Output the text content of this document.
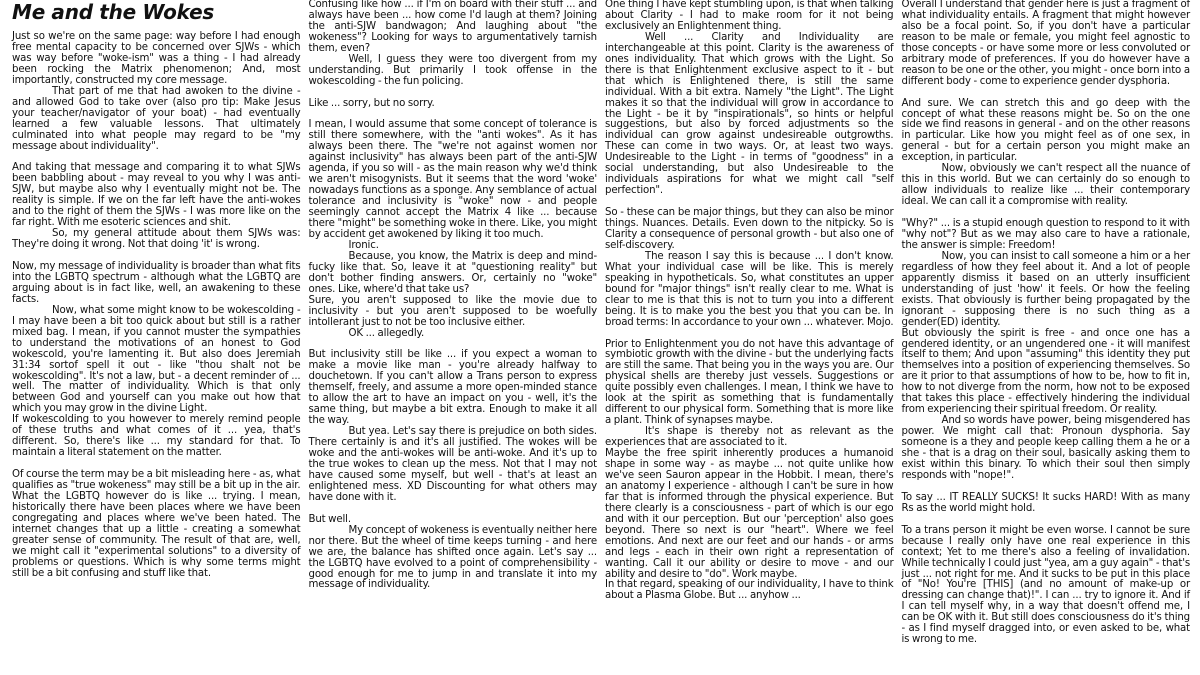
Me and the Wokes
Just so we're on the same page: way before I had enough free mental capacity to be concerned over SJWs - which was way before "woke-ism" was a thing - I had already been rocking the Matrix phenomenon; And, most importantly, constructed my core message.
That part of me that had awoken to the divine - and allowed God to take over (also pro tip: Make Jesus your teacher/navigator of your boat) - had eventually learned a few valuable lessons. That ultimately culminated into what people may regard to be "my message about individuality".
And taking that message and comparing it to what SJWs been babbling about - may reveal to you why I was anti-SJW, but maybe also why I eventually might not be. The reality is simple. If we on the far left have the anti-wokes and to the right of them the SJWs - I was more like on the far right. With me esoteric sciences and shit.
So, my general attitude about them SJWs was: They're doing it wrong. Not that doing 'it' is wrong.
Now, my message of individuality is broader than what fits into the LGBTQ spectrum - although what the LGBTQ are arguing about is in fact like, well, an awakening to these facts.
Now, what some might know to be wokescolding - I may have been a bit too quick about but still is a rather mixed bag. I mean, if you cannot muster the sympathies to understand the motivations of an honest to God wokescold, you're lamenting it. But also does Jeremiah 31:34 sortof spell it out - like "thou shalt not be wokescolding". It's not a law, but - a decent reminder of ... well. The matter of individuality. Which is that only between God and yourself can you make out how that which you may grow in the divine Light.
If wokescolding to you however to merely remind people of these truths and what comes of it ... yea, that's different. So, there's like ... my standard for that. To maintain a literal statement on the matter.
Of course the term may be a bit misleading here - as, what qualifies as "true wokeness" may still be a bit up in the air. What the LGBTQ however do is like ... trying. I mean, historically there have been places where we have been congregating and places where we've been hated. The internet changes that up a little - creating a somewhat greater sense of community. The result of that are, well, we might call it "experimental solutions" to a diversity of problems or questions. Which is why some terms might still be a bit confusing and stuff like that.
Confusing like how ... if I'm on board with their stuff ... and always have been ... how come I'd laugh at them? Joining the anti-SJW bandwagon; And laughing about "the wokeness"? Looking for ways to argumentatively tarnish them, even?
Well, I guess they were too divergent from my understanding. But primarily I took offense in the wokescolding - the fun policing.
Like ... sorry, but no sorry.
I mean, I would assume that some concept of tolerance is still there somewhere, with the "anti wokes". As it has always been there. The "we're not against women nor against inclusivity" has always been part of the anti-SJW agenda, if you so will - as the main reason why we'd think we aren't misogynists. But it seems that the word 'woke' nowadays functions as a sponge. Any semblance of actual tolerance and inclusivity is "woke" now - and people seemingly cannot accept the Matrix 4 like ... because there "might" be something woke in there. Like, you might by accident get awokened by liking it too much.
Ironic.
Because, you know, the Matrix is deep and mind-fucky like that. So, leave it at "questioning reality" but don't bother finding answers. Or, certainly no "woke" ones. Like, where'd that take us?
Sure, you aren't supposed to like the movie due to inclusivity - but you aren't supposed to be woefully intollerant just to not be too inclusive either.
OK ... allegedly.
But inclusivity still be like ... if you expect a woman to make a movie like man - you're already halfway to douchetown. If you can't allow a Trans person to express themself, freely, and assume a more open-minded stance to allow the art to have an impact on you - well, it's the same thing, but maybe a bit extra. Enough to make it all the way.
But yea. Let's say there is prejudice on both sides. There certainly is and it's all justified. The wokes will be woke and the anti-wokes will be anti-woke. And it's up to the true wokes to clean up the mess. Not that I may not have caused some myself, but well - that's at least an enlightened mess. XD Discounting for what others may have done with it.
But well.
My concept of wokeness is eventually neither here nor there. But the wheel of time keeps turning - and here we are, the balance has shifted once again. Let's say ... the LGBTQ have evolved to a point of comprehensibility - good enough for me to jump in and translate it into my message of individuality.
One thing I have kept stumbling upon, is that when talking about Clarity - I had to make room for it not being exclusively an Enlightenment thing.
Well ... Clarity and Individuality are interchangeable at this point. Clarity is the awareness of ones individuality. That which grows with the Light. So there is that Enlightenment exclusive aspect to it - but that which is Enlightened there, is still the same individual. With a bit extra. Namely "the Light". The Light makes it so that the individual will grow in accordance to the Light - be it by "inspirationals", so hints or helpful suggestions, but also by forced adjustments so the individual can grow against undesireable outgrowths. These can come in two ways. Or, at least two ways. Undesireable to the Light - in terms of "goodness" in a social understanding, but also Undesireable to the individuals aspirations for what we might call "self perfection".
So - these can be major things, but they can also be minor things. Nuances. Details. Even down to the nitpicky. So is Clarity a consequence of personal growth - but also one of self-discovery.
The reason I say this is because ... I don't know. What your individual case will be like. This is merely speaking in hypotheticals. So, what constitutes an upper bound for "major things" isn't really clear to me. What is clear to me is that this is not to turn you into a different being. It is to make you the best you that you can be. In broad terms: In accordance to your own ... whatever. Mojo.
Prior to Enlightenment you do not have this advantage of symbiotic growth with the divine - but the underlying facts are still the same. That being you in the ways you are. Our physical shells are thereby just vessels. Suggestions or quite possibly even challenges. I mean, I think we have to look at the spirit as something that is fundamentally different to our physical form. Something that is more like a plant. Think of synapses maybe.
It's shape is thereby not as relevant as the experiences that are associated to it.
Maybe the free spirit inherently produces a humanoid shape in some way - as maybe ... not quite unlike how we've seen Sauron appear in the Hobbit. I mean, there's an anatomy I experience - although I can't be sure in how far that is informed through the physical experience. But there clearly is a consciousness - part of which is our ego and with it our perception. But our 'perception' also goes beyond. There so next is our "heart". Where we feel emotions. And next are our feet and our hands - or arms and legs - each in their own right a representation of wanting. Call it our ability or desire to move - and our ability and desire to "do". Work maybe.
In that regard, speaking of our individuality, I have to think about a Plasma Globe. But ... anyhow ...
Overall I understand that gender here is just a fragment of what individuality entails. A fragment that might however also be a focal point. So, if you don't have a particular reason to be male or female, you might feel agnostic to those concepts - or have some more or less convoluted or arbitrary mode of preferences. If you do however have a reason to be one or the other, you might - once born into a different body - come to experience gender dysphoria.
And sure. We can stretch this and go deep with the concept of what these reasons might be. So on the one side we find reasons in general - and on the other reasons in particular. Like how you might feel as of one sex, in general - but for a certain person you might make an exception, in particular.
Now, obviously we can't respect all the nuance of this in this world. But we can certainly do so enough to allow individuals to realize like ... their contemporary ideal. We can call it a compromise with reality.
"Why?" ... is a stupid enough question to respond to it with "why not"? But as we may also care to have a rationale, the answer is simple: Freedom!
Now, you can insist to call someone a him or a her regardless of how they feel about it. And a lot of people apparently dismiss it based on an utterly insufficient understanding of just 'how' it feels. Or how the feeling exists. That obviously is further being propagated by the ignorant - supposing there is no such thing as a gender(ED) identity.
But obviously the spirit is free - and once one has a gendered identity, or an ungendered one - it will manifest itself to them; And upon "assuming" this identity they put themselves into a position of experiencing themselves. So are it prior to that assumptions of how to be, how to fit in, how to not diverge from the norm, how not to be exposed that takes this place - effectively hindering the individual from experiencing their spiritual freedom. Or reality.
And so words have power, being misgendered has power. We might call that: Pronoun dysphoria. Say someone is a they and people keep calling them a he or a she - that is a drag on their soul, basically asking them to exist within this binary. To which their soul then simply responds with "nope!".
To say ... IT REALLY SUCKS! It sucks HARD! With as many Rs as the world might hold.
To a trans person it might be even worse. I cannot be sure because I really only have one real experience in this context; Yet to me there's also a feeling of invalidation. While technically I could just "yea, am a guy again" - that's just ... not right for me. And it sucks to be put in this place of "No! You're [THIS] (and no amount of make-up or dressing can change that)!". I can ... try to ignore it. And if I can tell myself why, in a way that doesn't offend me, I can be OK with it. But still does consciousness do it's thing - as I find myself dragged into, or even asked to be, what is wrong to me.
